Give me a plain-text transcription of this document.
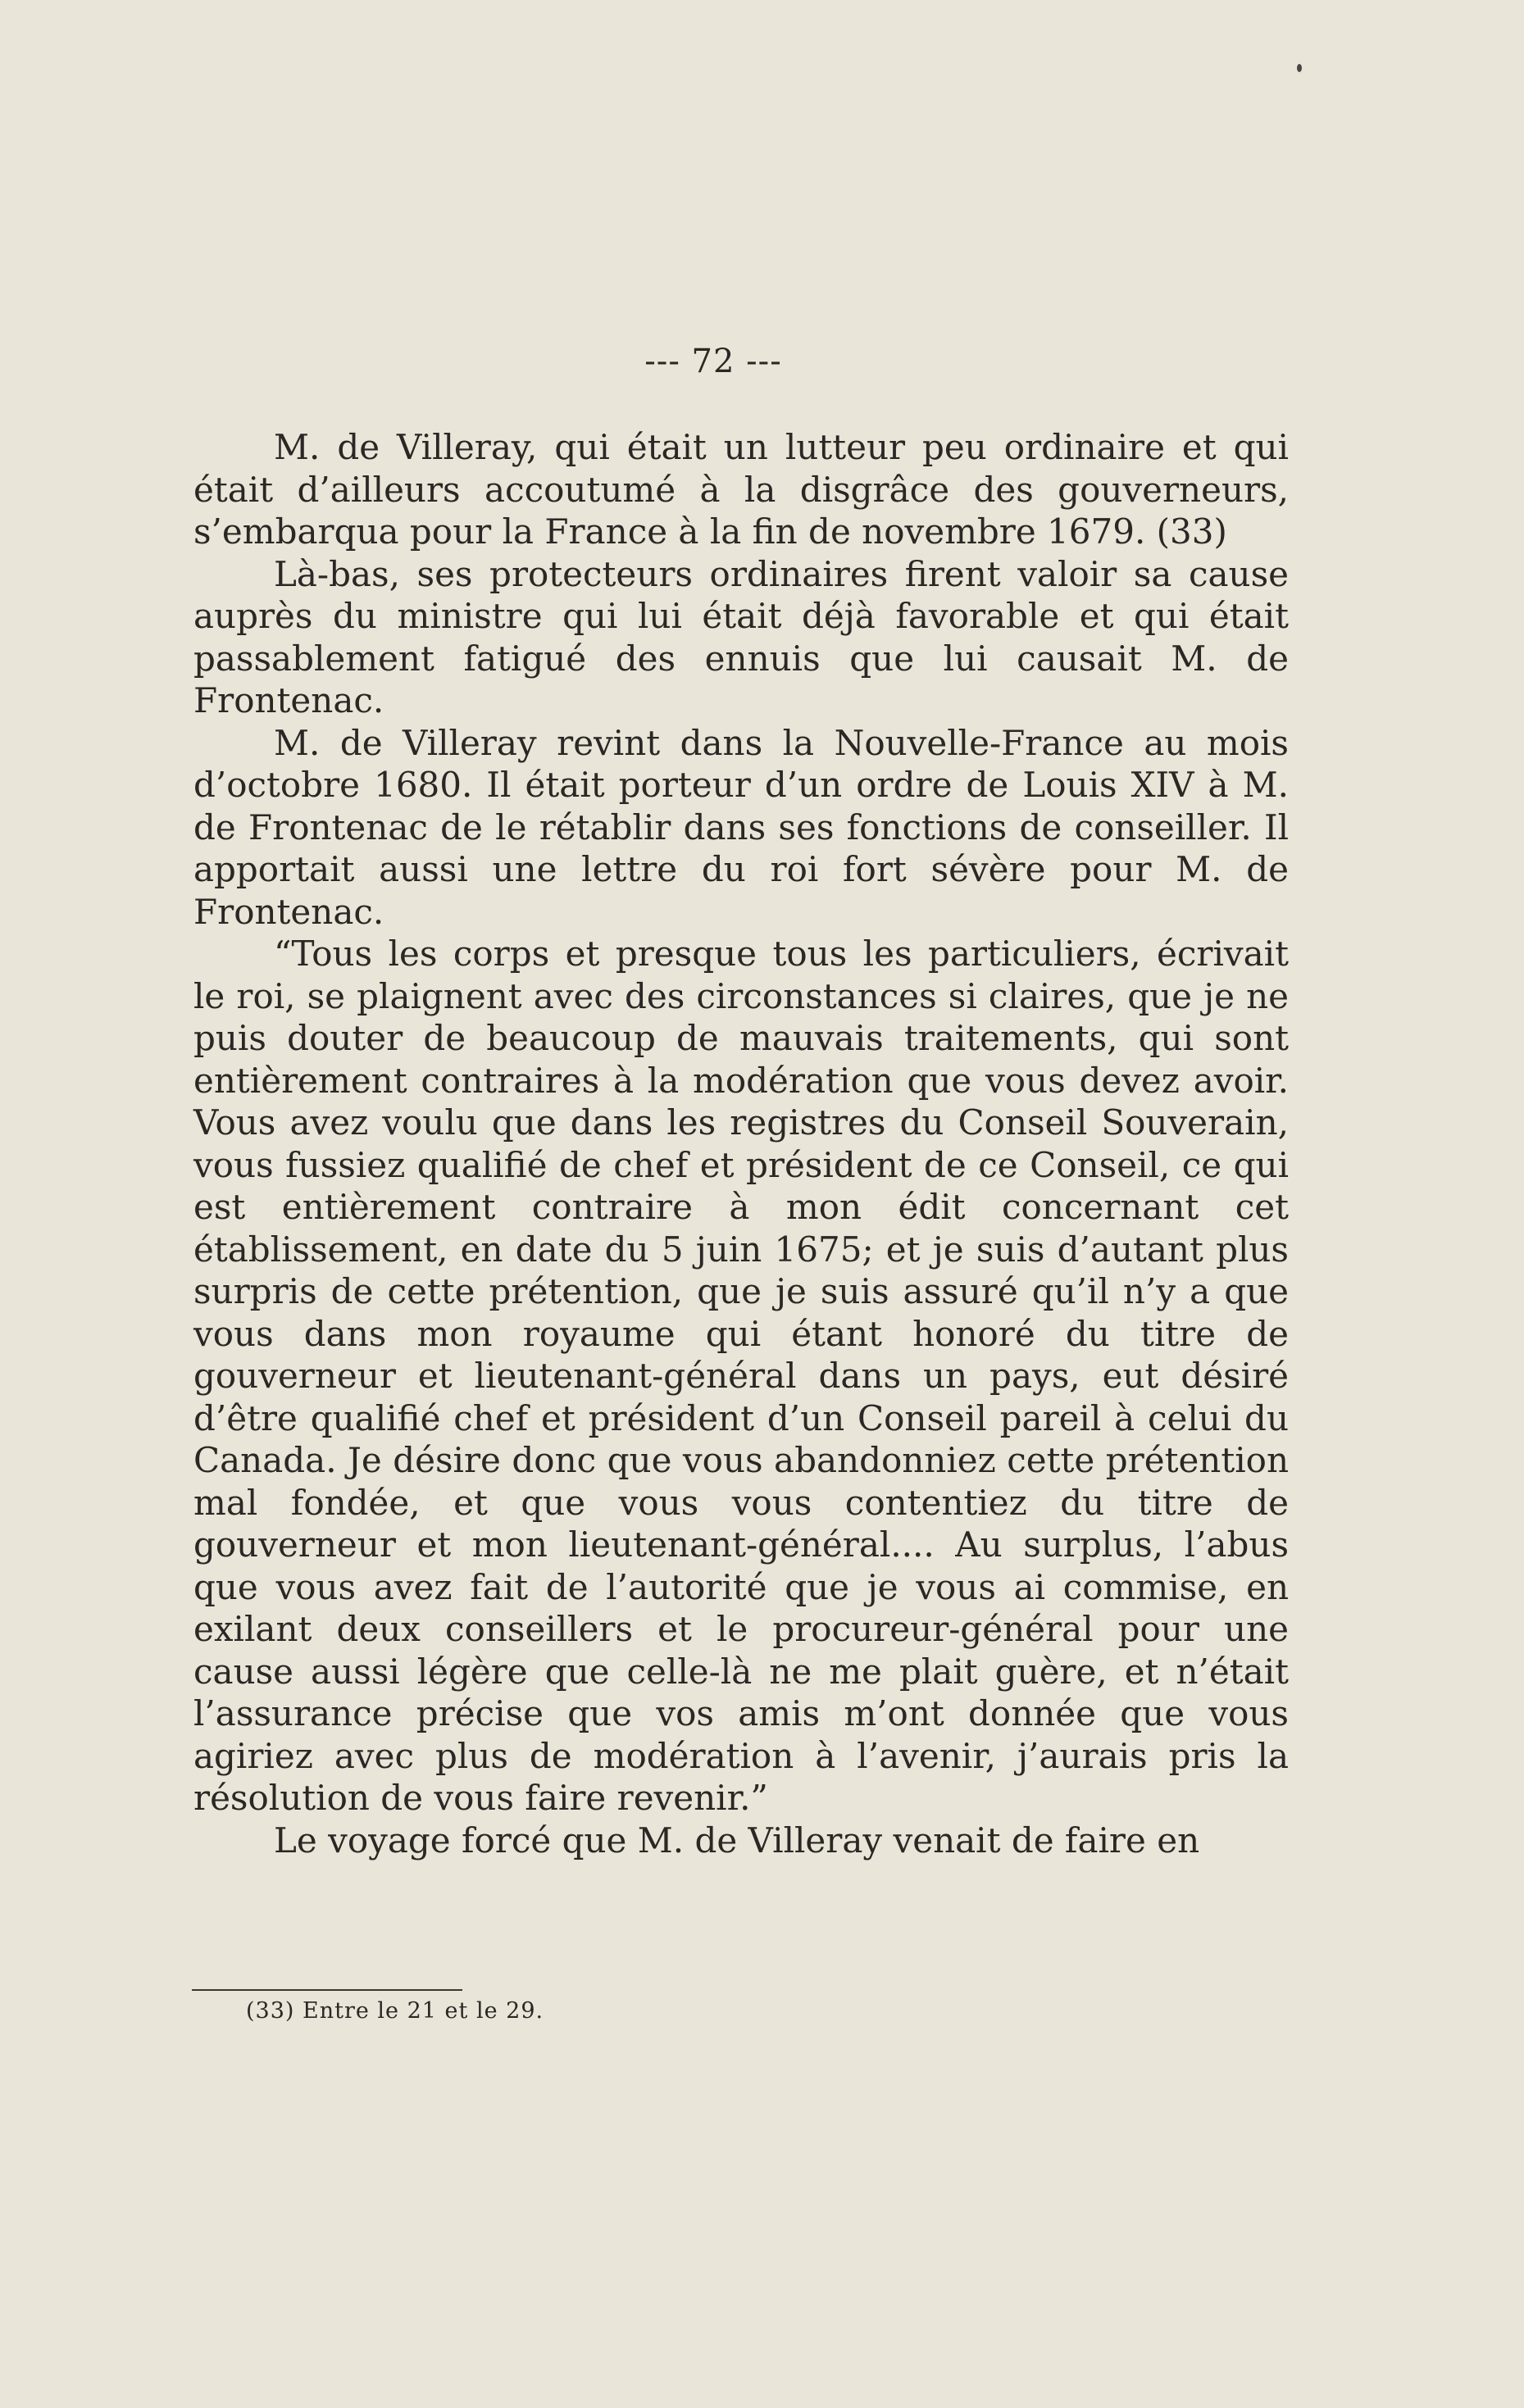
--- 72 ---

M. de Villeray, qui était un lutteur peu ordinaire et qui était d’ailleurs accoutumé à la disgrâce des gouverneurs, s’embarqua pour la France à la fin de novembre 1679. (33)

Là-bas, ses protecteurs ordinaires firent valoir sa cause auprès du ministre qui lui était déjà favorable et qui était passablement fatigué des ennuis que lui causait M. de Frontenac.

M. de Villeray revint dans la Nouvelle-France au mois d’octobre 1680. Il était porteur d’un ordre de Louis XIV à M. de Frontenac de le rétablir dans ses fonctions de conseiller. Il apportait aussi une lettre du roi fort sévère pour M. de Frontenac.

“Tous les corps et presque tous les particuliers, écrivait le roi, se plaignent avec des circonstances si claires, que je ne puis douter de beaucoup de mauvais traitements, qui sont entièrement contraires à la modération que vous devez avoir. Vous avez voulu que dans les registres du Conseil Souverain, vous fussiez qualifié de chef et président de ce Conseil, ce qui est entièrement contraire à mon édit concernant cet établissement, en date du 5 juin 1675; et je suis d’autant plus surpris de cette prétention, que je suis assuré qu’il n’y a que vous dans mon royaume qui étant honoré du titre de gouverneur et lieutenant-général dans un pays, eut désiré d’être qualifié chef et président d’un Conseil pareil à celui du Canada. Je désire donc que vous abandonniez cette prétention mal fondée, et que vous vous contentiez du titre de gouverneur et mon lieutenant-général.... Au surplus, l’abus que vous avez fait de l’autorité que je vous ai commise, en exilant deux conseillers et le procureur-général pour une cause aussi légère que celle-là ne me plait guère, et n’était l’assurance précise que vos amis m’ont donnée que vous agiriez avec plus de modération à l’avenir, j’aurais pris la résolution de vous faire revenir.”

Le voyage forcé que M. de Villeray venait de faire en

(33) Entre le 21 et le 29.
